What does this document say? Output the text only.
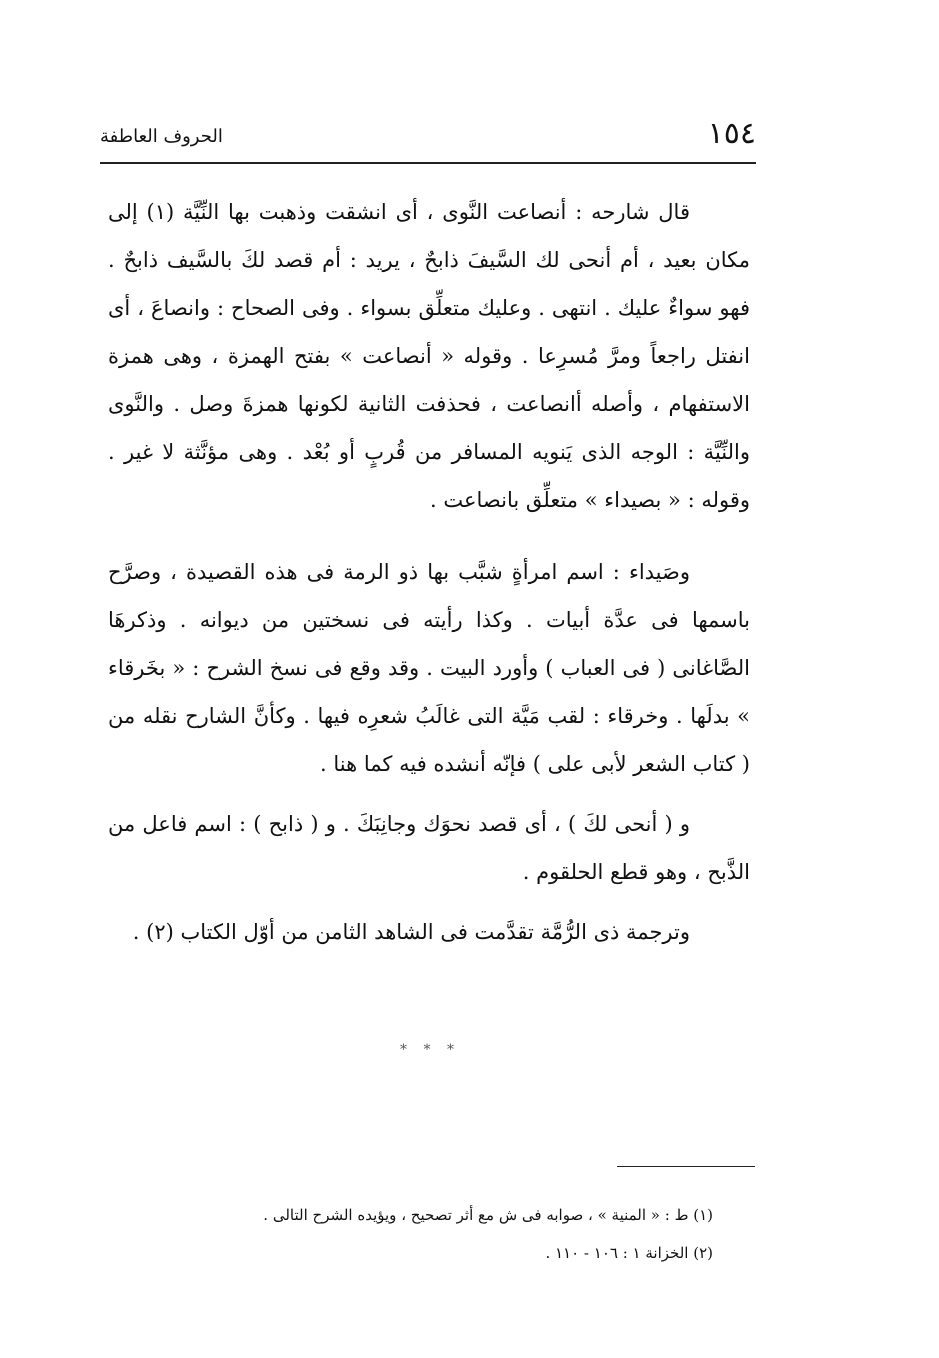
١٥٤
الحروف العاطفة

قال شارحه : أنصاعت النَّوى ، أى انشقت وذهبت بها النِّيَّة (١) إلى مكان بعيد ، أم أنحى لك السَّيفَ ذابحٌ ، يريد : أم قصد لكَ بالسَّيف ذابحٌ . فهو سواءٌ عليك . انتهى . وعليك متعلِّق بسواء . وفى الصحاح : وانصاعَ ، أى انفتل راجعاً ومرَّ مُسرِعا . وقوله « أنصاعت » بفتح الهمزة ، وهى همزة الاستفهام ، وأصله أانصاعت ، فحذفت الثانية لكونها همزةَ وصل . والنَّوى والنِّيَّة : الوجه الذى يَنويه المسافر من قُربٍ أو بُعْد . وهى مؤنَّثة لا غير . وقوله : « بصيداء » متعلِّق بانصاعت .

وصَيداء : اسم امرأةٍ شبَّب بها ذو الرمة فى هذه القصيدة ، وصرَّح باسمها فى عدَّة أبيات . وكذا رأيته فى نسختين من ديوانه . وذكرهَا الصَّاغانى ( فى العباب ) وأورد البيت . وقد وقع فى نسخ الشرح : « بخَرقاء » بدلَها . وخرقاء : لقب مَيَّة التى غالَبُ شعرِه فيها . وكأنَّ الشارح نقله من ( كتاب الشعر لأبى على ) فإنّه أنشده فيه كما هنا .

و ( أنحى لكَ ) ، أى قصد نحوَك وجانِبَكَ . و ( ذابح ) : اسم فاعل من الذَّبح ، وهو قطع الحلقوم .

وترجمة ذى الرُّمَّة تقدَّمت فى الشاهد الثامن من أوّل الكتاب (٢) .

* * *

(١) ط : « المنية » ، صوابه فى ش مع أثر تصحيح ، ويؤيده الشرح التالى .

(٢) الخزانة ١ : ١٠٦ - ١١٠ .
